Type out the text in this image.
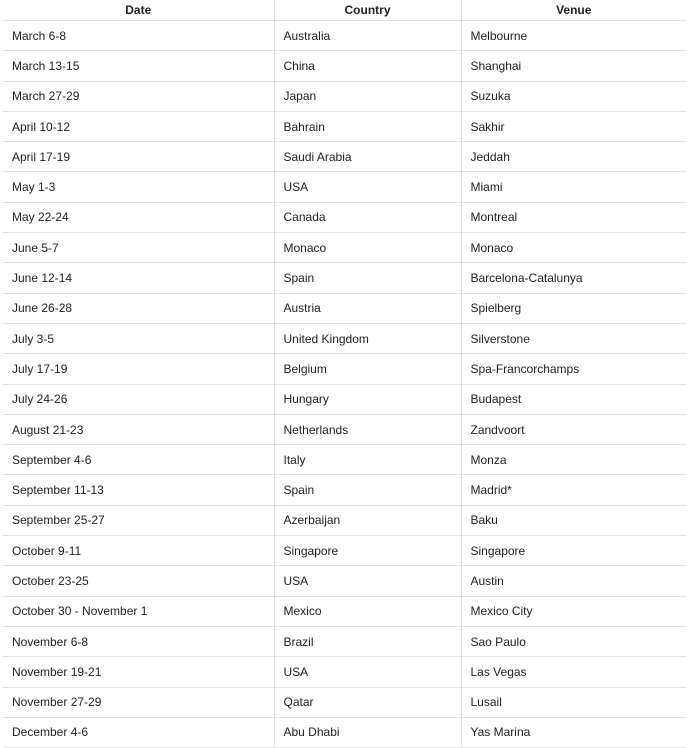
Date	Country	Venue
March 6-8	Australia	Melbourne
March 13-15	China	Shanghai
March 27-29	Japan	Suzuka
April 10-12	Bahrain	Sakhir
April 17-19	Saudi Arabia	Jeddah
May 1-3	USA	Miami
May 22-24	Canada	Montreal
June 5-7	Monaco	Monaco
June 12-14	Spain	Barcelona-Catalunya
June 26-28	Austria	Spielberg
July 3-5	United Kingdom	Silverstone
July 17-19	Belgium	Spa-Francorchamps
July 24-26	Hungary	Budapest
August 21-23	Netherlands	Zandvoort
September 4-6	Italy	Monza
September 11-13	Spain	Madrid*
September 25-27	Azerbaijan	Baku
October 9-11	Singapore	Singapore
October 23-25	USA	Austin
October 30 - November 1	Mexico	Mexico City
November 6-8	Brazil	Sao Paulo
November 19-21	USA	Las Vegas
November 27-29	Qatar	Lusail
December 4-6	Abu Dhabi	Yas Marina
